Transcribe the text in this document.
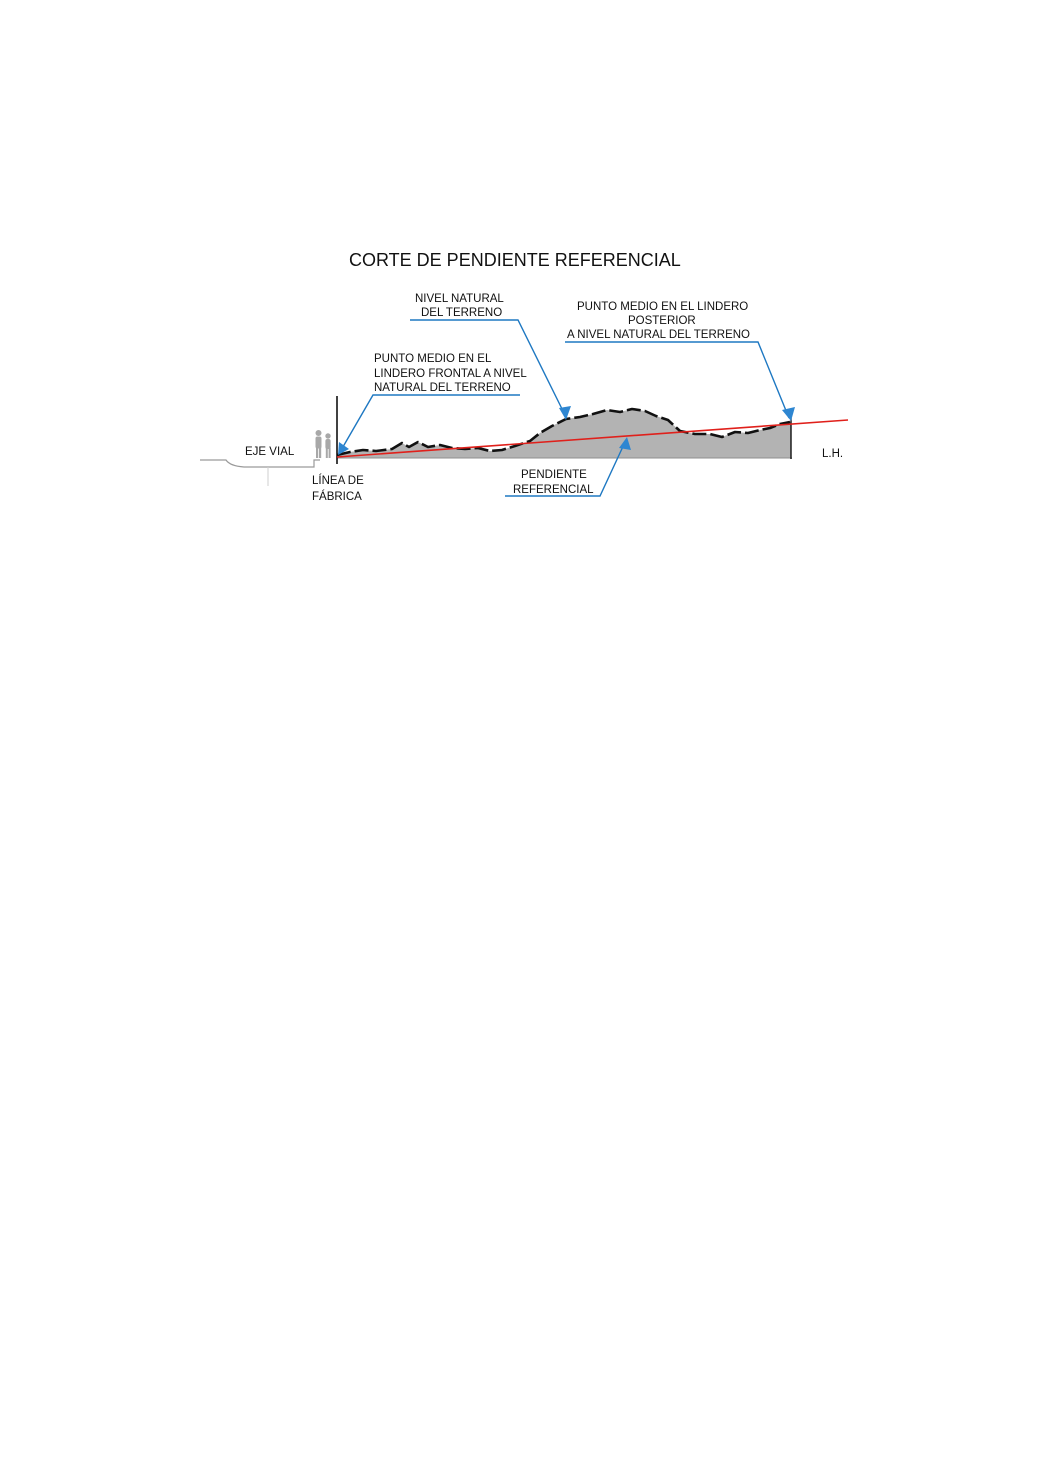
CORTE DE PENDIENTE REFERENCIAL
EJE VIAL
LÍNEA DE
FÁBRICA
L.H.
NIVEL NATURAL
DEL TERRENO
PUNTO MEDIO EN EL
LINDERO FRONTAL A NIVEL
NATURAL DEL TERRENO
PUNTO MEDIO EN EL LINDERO
POSTERIOR
A NIVEL NATURAL DEL TERRENO
PENDIENTE
REFERENCIAL
